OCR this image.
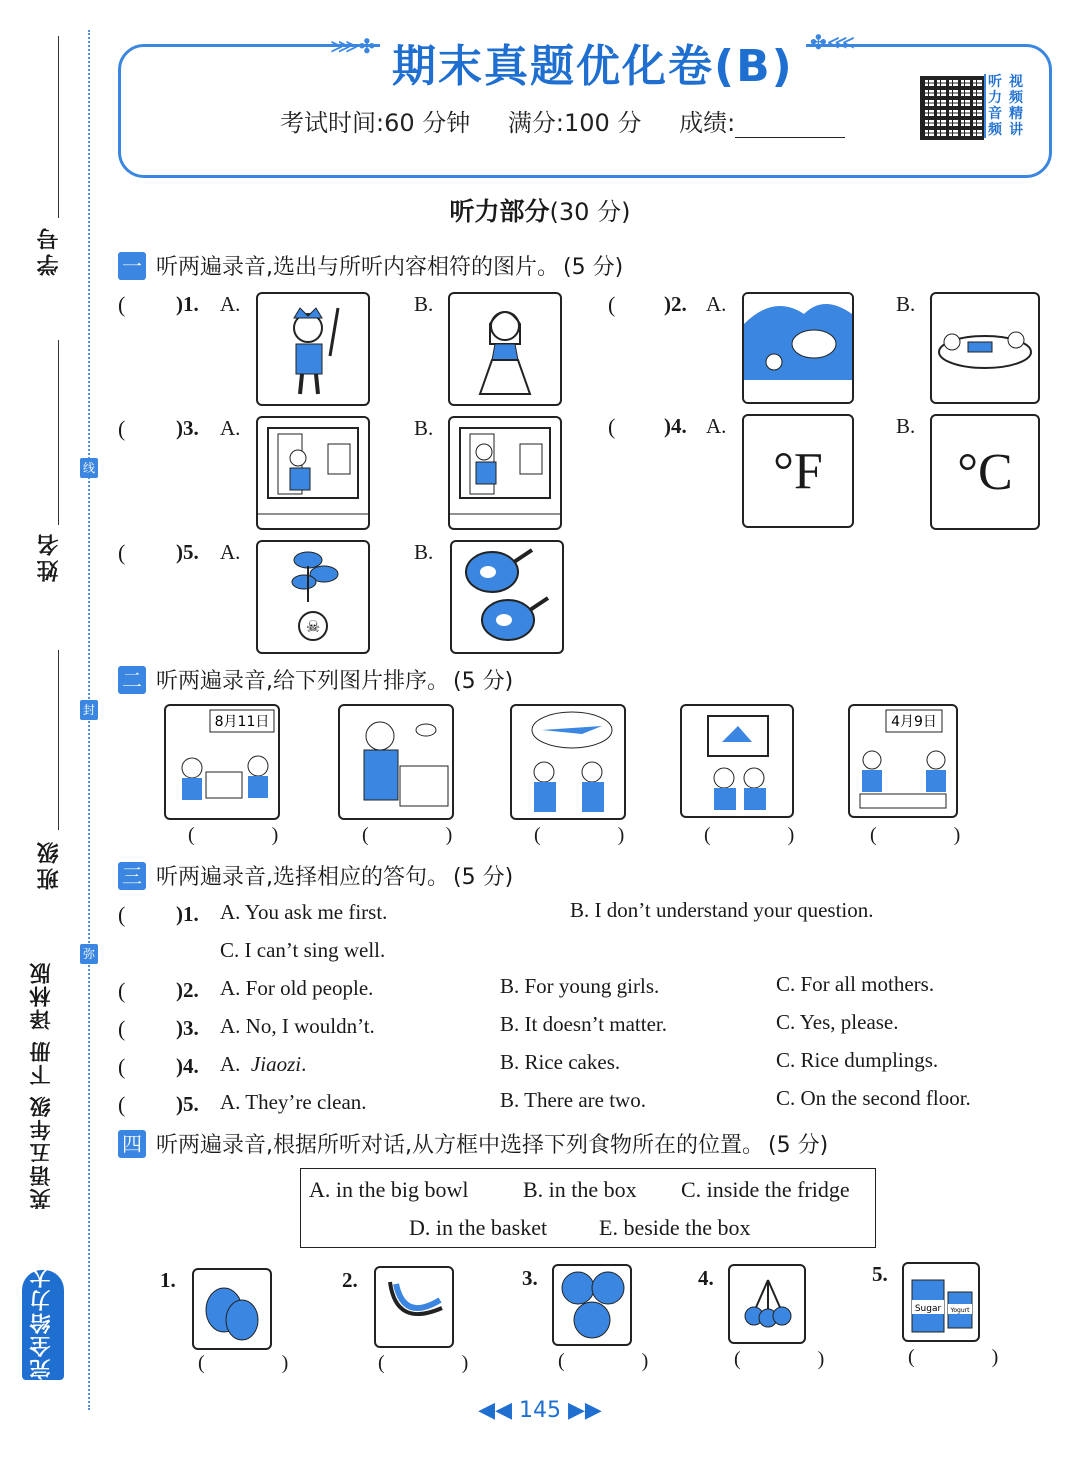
学号
姓名
班级
线
封
弥
完全给力大试卷 英语五年级 下册 译林版
⋙✤	✤⋘
期末真题优化卷(B)
考试时间:60 分钟 满分:100 分 成绩:
听 视
力 频
音 精
频 讲
听力部分(30 分)
一 听两遍录音,选出与所听内容相符的图片。 (5 分)
( )1. A.	B.	( )2. A.	B.
( )3. A.	B.	( )4. A.
°F
B.
°C
( )5. A.
☠
B.
二 听两遍录音,给下列图片排序。 (5 分)
8月11日	4月9日
( ) ( ) ( ) ( ) ( )
三 听两遍录音,选择相应的答句。 (5 分)
( )1. A. You ask me first.	B. I don’t understand your question.
C. I can’t sing well.
( )2. A. For old people.	B. For young girls.	C. For all mothers.
( )3. A. No, I wouldn’t.	B. It doesn’t matter.	C. Yes, please.
( )4. A. Jiaozi.	B. Rice cakes.	C. Rice dumplings.
( )5. A. They’re clean.	B. There are two.	C. On the second floor.
四 听两遍录音,根据所听对话,从方框中选择下列食物所在的位置。 (5 分)
A. in the big bowl B. in the box C. inside the fridge
D. in the basket E. beside the box
1.	2.	3.	4.	5.
Sugar Yogurt
( )	( )	( ) ( ) ( )
◀◀ 145 ▶▶
